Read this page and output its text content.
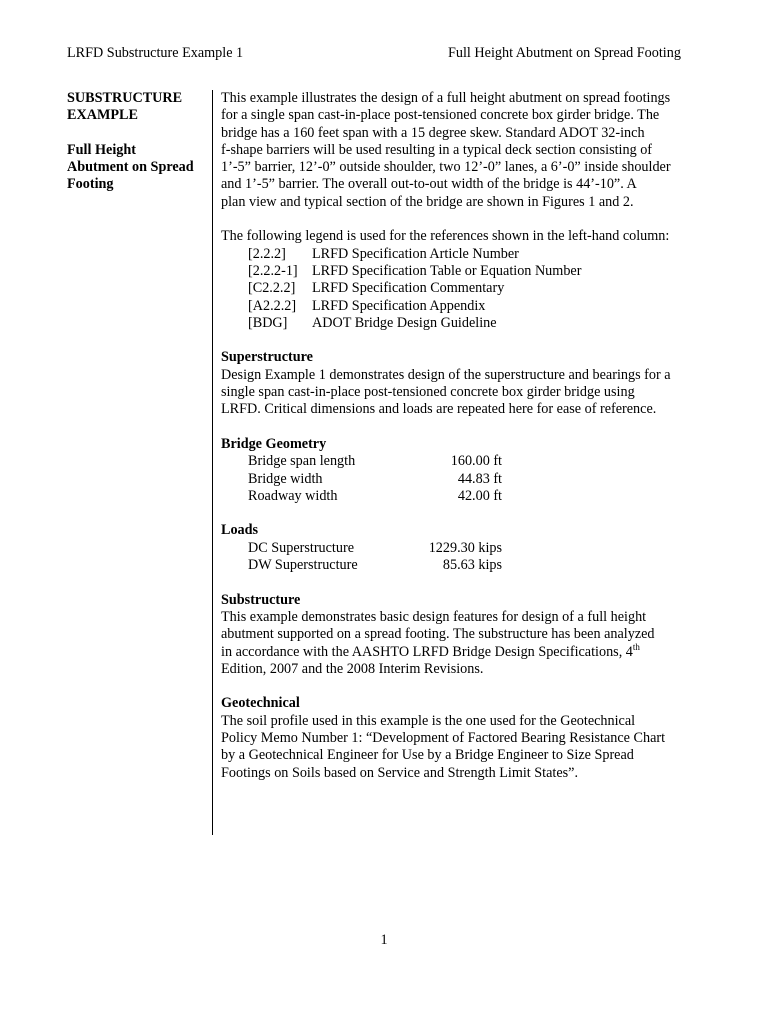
LRFD Substructure Example 1	Full Height Abutment on Spread Footing

SUBSTRUCTURE
EXAMPLE

Full Height
Abutment on Spread
Footing

This example illustrates the design of a full height abutment on spread footings
for a single span cast-in-place post-tensioned concrete box girder bridge. The
bridge has a 160 feet span with a 15 degree skew. Standard ADOT 32-inch
f-shape barriers will be used resulting in a typical deck section consisting of
1’-5” barrier, 12’-0” outside shoulder, two 12’-0” lanes, a 6’-0” inside shoulder
and 1’-5” barrier. The overall out-to-out width of the bridge is 44’-10”. A
plan view and typical section of the bridge are shown in Figures 1 and 2.

The following legend is used for the references shown in the left-hand column:

[2.2.2] LRFD Specification Article Number
[2.2.2-1] LRFD Specification Table or Equation Number
[C2.2.2] LRFD Specification Commentary
[A2.2.2] LRFD Specification Appendix
[BDG] ADOT Bridge Design Guideline

Superstructure

Design Example 1 demonstrates design of the superstructure and bearings for a
single span cast-in-place post-tensioned concrete box girder bridge using
LRFD. Critical dimensions and loads are repeated here for ease of reference.

Bridge Geometry

Bridge span length	160.00 ft
Bridge width	44.83 ft
Roadway width	42.00 ft

Loads

DC Superstructure	1229.30 kips
DW Superstructure	85.63 kips

Substructure

This example demonstrates basic design features for design of a full height
abutment supported on a spread footing. The substructure has been analyzed
in accordance with the AASHTO LRFD Bridge Design Specifications, 4th
Edition, 2007 and the 2008 Interim Revisions.

Geotechnical

The soil profile used in this example is the one used for the Geotechnical
Policy Memo Number 1: “Development of Factored Bearing Resistance Chart
by a Geotechnical Engineer for Use by a Bridge Engineer to Size Spread
Footings on Soils based on Service and Strength Limit States”.

1
